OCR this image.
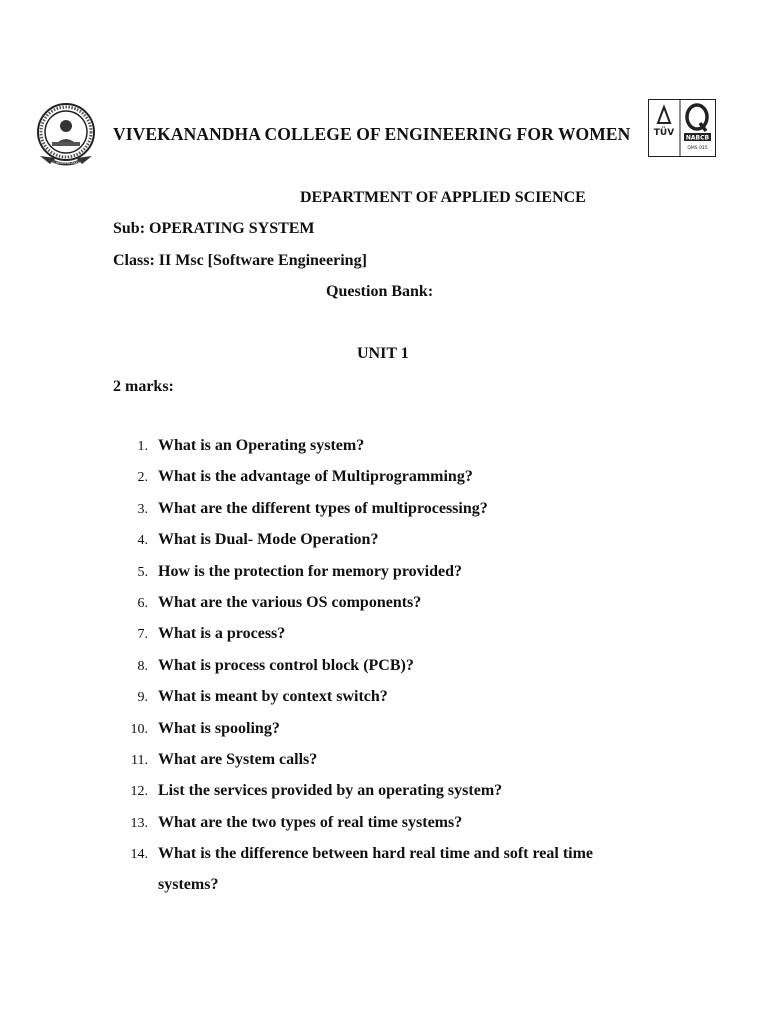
ELAYAMPALAYAM
VIVEKANANDHA COLLEGE OF ENGINEERING FOR WOMEN	TÜV NABCB
QMS 015
DEPARTMENT OF APPLIED SCIENCE
Sub: OPERATING SYSTEM
Class: II Msc [Software Engineering]
Question Bank:
UNIT 1
2 marks:
1. What is an Operating system?
2. What is the advantage of Multiprogramming?
3. What are the different types of multiprocessing?
4. What is Dual- Mode Operation?
5. How is the protection for memory provided?
6. What are the various OS components?
7. What is a process?
8. What is process control block (PCB)?
9. What is meant by context switch?
10. What is spooling?
11. What are System calls?
12. List the services provided by an operating system?
13. What are the two types of real time systems?
14. What is the difference between hard real time and soft real time
systems?
